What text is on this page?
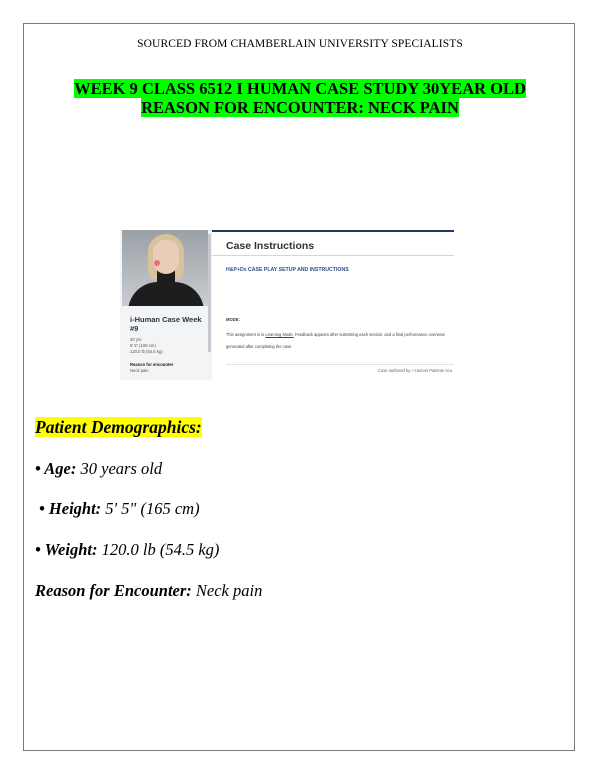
SOURCED FROM CHAMBERLAIN UNIVERSITY SPECIALISTS
WEEK 9 CLASS 6512 I HUMAN CASE STUDY 30YEAR OLD
REASON FOR ENCOUNTER: NECK PAIN
i-Human Case Week #9
30 y/o
5' 5" (165 cm)
120.0 lb (54.5 kg)
Reason for encounter
Neck pain
Case Instructions
H&P+Dx CASE PLAY SETUP AND INSTRUCTIONS
MODE:
This assignment is in Learning Mode. Feedback appears after submitting each section, and a final performance overview
generated after completing the case.
Case authored by: i-Human Patients Aca
Patient Demographics:
• Age: 30 years old
• Height: 5' 5" (165 cm)
• Weight: 120.0 lb (54.5 kg)
Reason for Encounter: Neck pain
